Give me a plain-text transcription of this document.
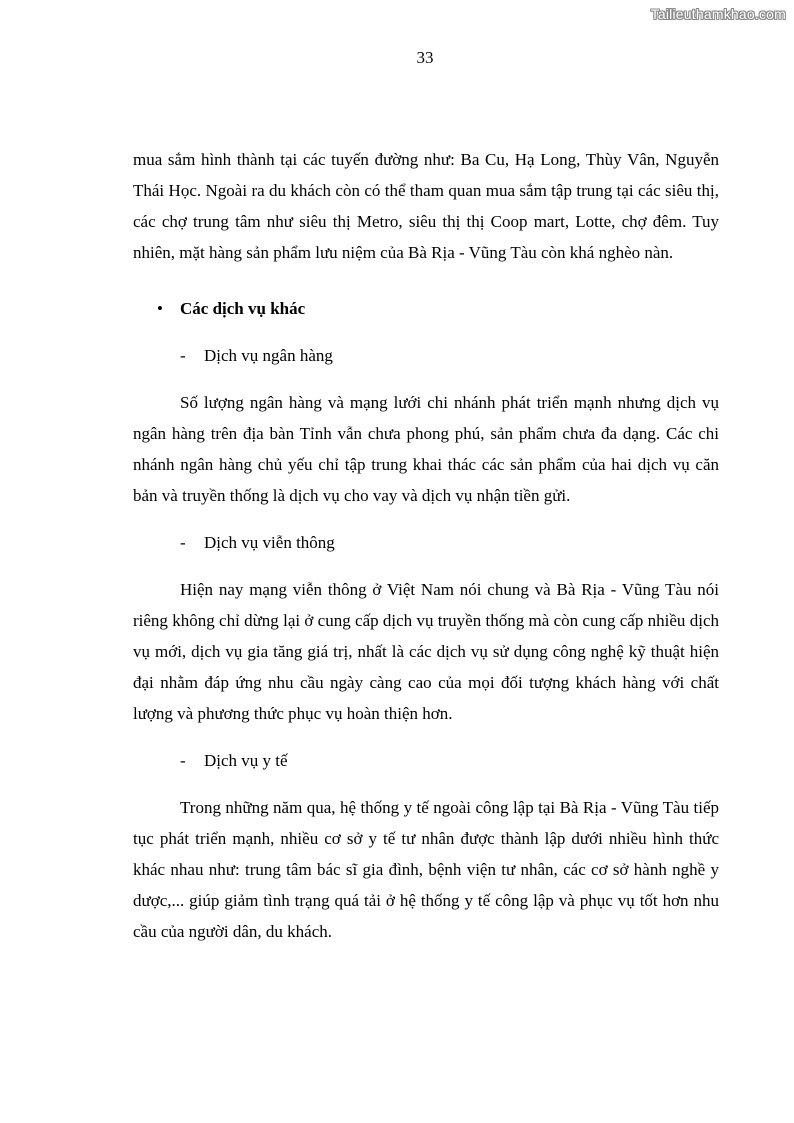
Tailieuthamkhao.com
33

mua sắm hình thành tại các tuyến đường như: Ba Cu, Hạ Long, Thùy Vân, Nguyễn Thái Học. Ngoài ra du khách còn có thể tham quan mua sắm tập trung tại các siêu thị, các chợ trung tâm như siêu thị Metro, siêu thị thị Coop mart, Lotte, chợ đêm. Tuy nhiên, mặt hàng sản phẩm lưu niệm của Bà Rịa - Vũng Tàu còn khá nghèo nàn.

•	Các dịch vụ khác
-	Dịch vụ ngân hàng

Số lượng ngân hàng và mạng lưới chi nhánh phát triển mạnh nhưng dịch vụ ngân hàng trên địa bàn Tỉnh vẫn chưa phong phú, sản phẩm chưa đa dạng. Các chi nhánh ngân hàng chủ yếu chỉ tập trung khai thác các sản phẩm của hai dịch vụ căn bản và truyền thống là dịch vụ cho vay và dịch vụ nhận tiền gửi.

-	Dịch vụ viễn thông

Hiện nay mạng viễn thông ở Việt Nam nói chung và Bà Rịa - Vũng Tàu nói riêng không chỉ dừng lại ở cung cấp dịch vụ truyền thống mà còn cung cấp nhiều dịch vụ mới, dịch vụ gia tăng giá trị, nhất là các dịch vụ sử dụng công nghệ kỹ thuật hiện đại nhằm đáp ứng nhu cầu ngày càng cao của mọi đối tượng khách hàng với chất lượng và phương thức phục vụ hoàn thiện hơn.

-	Dịch vụ y tế

Trong những năm qua, hệ thống y tế ngoài công lập tại Bà Rịa - Vũng Tàu tiếp tục phát triển mạnh, nhiều cơ sở y tế tư nhân được thành lập dưới nhiều hình thức khác nhau như: trung tâm bác sĩ gia đình, bệnh viện tư nhân, các cơ sở hành nghề y dược,... giúp giảm tình trạng quá tải ở hệ thống y tế công lập và phục vụ tốt hơn nhu cầu của người dân, du khách.
